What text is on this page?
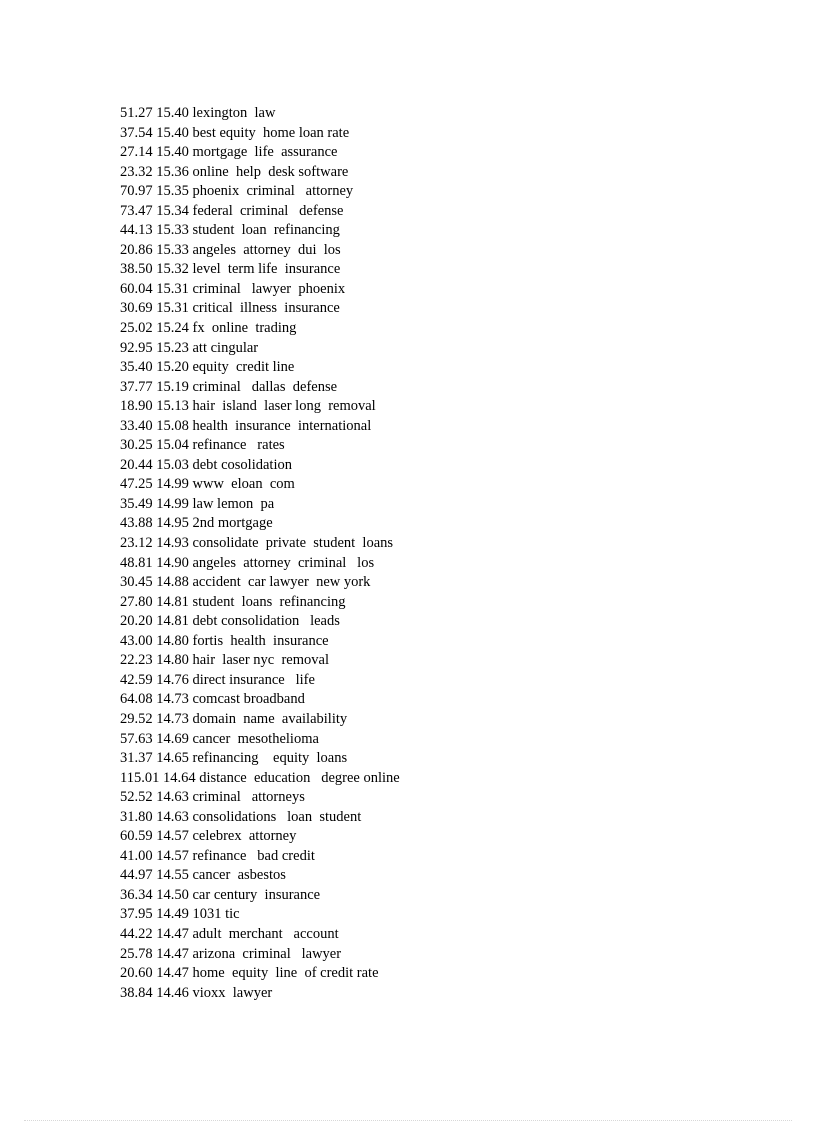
51.27 15.40 lexington  law
37.54 15.40 best equity  home loan rate
27.14 15.40 mortgage  life  assurance
23.32 15.36 online  help  desk software
70.97 15.35 phoenix  criminal   attorney
73.47 15.34 federal  criminal   defense
44.13 15.33 student  loan  refinancing
20.86 15.33 angeles  attorney  dui  los
38.50 15.32 level  term life  insurance
60.04 15.31 criminal   lawyer  phoenix
30.69 15.31 critical  illness  insurance
25.02 15.24 fx  online  trading
92.95 15.23 att cingular
35.40 15.20 equity  credit line
37.77 15.19 criminal   dallas  defense
18.90 15.13 hair  island  laser long  removal
33.40 15.08 health  insurance  international
30.25 15.04 refinance   rates
20.44 15.03 debt cosolidation
47.25 14.99 www  eloan  com
35.49 14.99 law lemon  pa
43.88 14.95 2nd mortgage
23.12 14.93 consolidate  private  student  loans
48.81 14.90 angeles  attorney  criminal   los
30.45 14.88 accident  car lawyer  new york
27.80 14.81 student  loans  refinancing
20.20 14.81 debt consolidation   leads
43.00 14.80 fortis  health  insurance
22.23 14.80 hair  laser nyc  removal
42.59 14.76 direct insurance   life
64.08 14.73 comcast broadband
29.52 14.73 domain  name  availability
57.63 14.69 cancer  mesothelioma
31.37 14.65 refinancing    equity  loans
115.01 14.64 distance  education   degree online
52.52 14.63 criminal   attorneys
31.80 14.63 consolidations   loan  student
60.59 14.57 celebrex  attorney
41.00 14.57 refinance   bad credit
44.97 14.55 cancer  asbestos
36.34 14.50 car century  insurance
37.95 14.49 1031 tic
44.22 14.47 adult  merchant   account
25.78 14.47 arizona  criminal   lawyer
20.60 14.47 home  equity  line  of credit rate
38.84 14.46 vioxx  lawyer
